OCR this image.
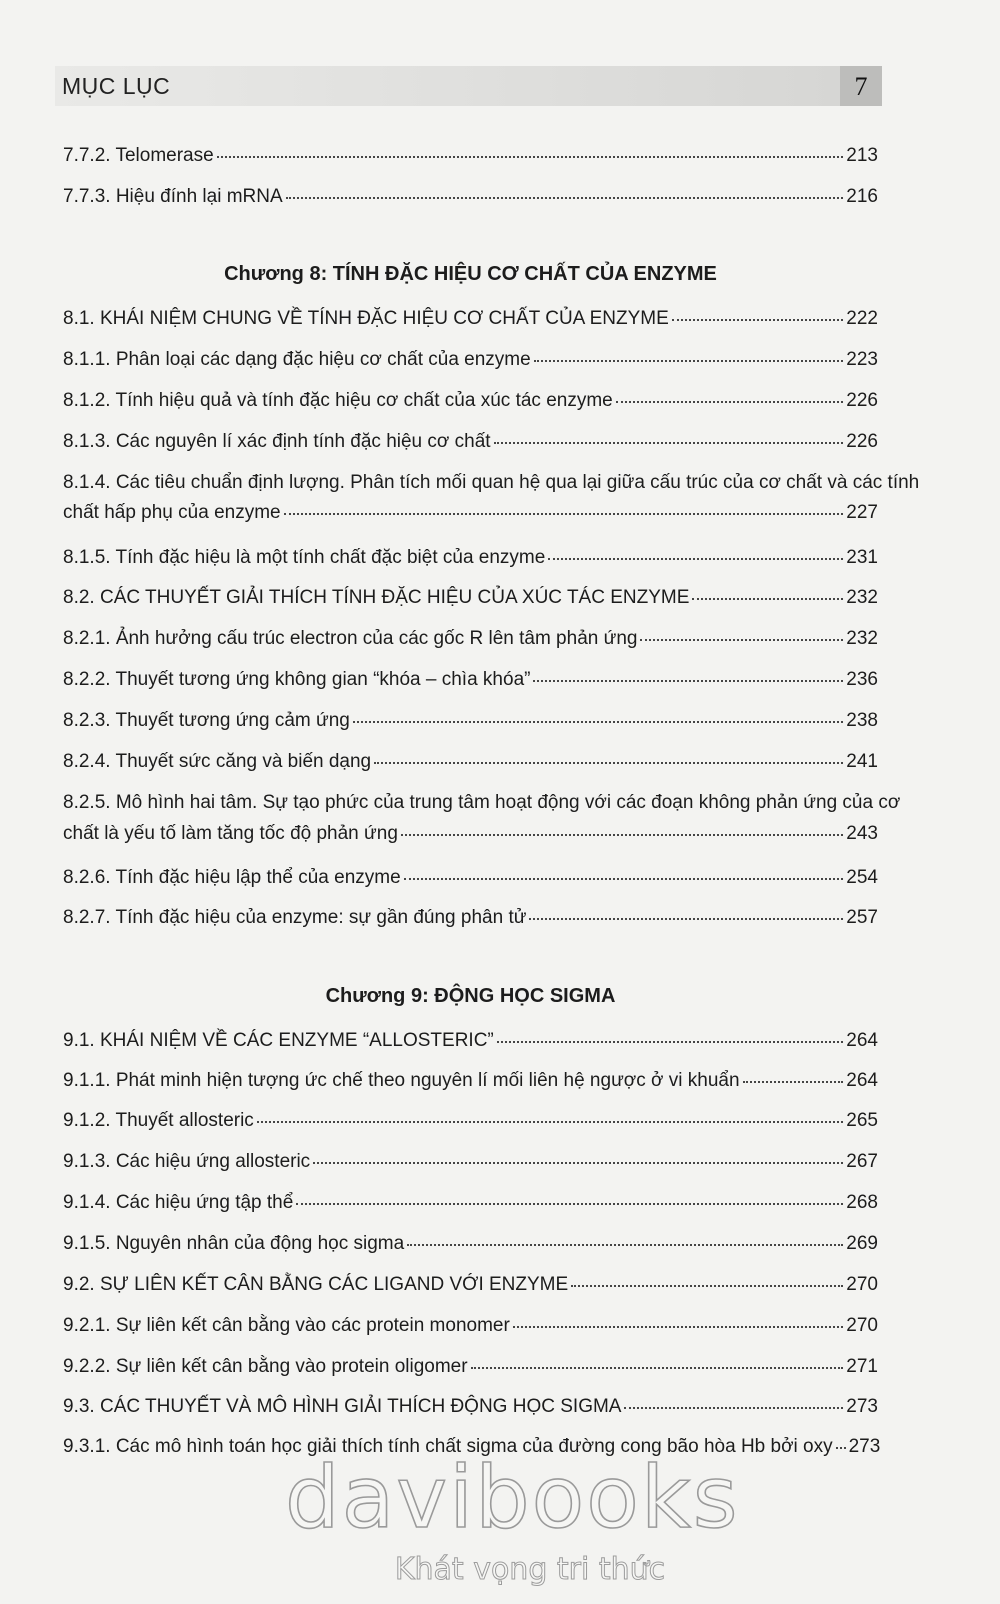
MỤC LỤC	7
7.7.2. Telomerase	213
7.7.3. Hiệu đính lại mRNA	216
Chương 8: TÍNH ĐẶC HIỆU CƠ CHẤT CỦA ENZYME
8.1. KHÁI NIỆM CHUNG VỀ TÍNH ĐẶC HIỆU CƠ CHẤT CỦA ENZYME	222
8.1.1. Phân loại các dạng đặc hiệu cơ chất của enzyme	223
8.1.2. Tính hiệu quả và tính đặc hiệu cơ chất của xúc tác enzyme	226
8.1.3. Các nguyên lí xác định tính đặc hiệu cơ chất	226
8.1.4. Các tiêu chuẩn định lượng. Phân tích mối quan hệ qua lại giữa cấu trúc của cơ chất và các tính
chất hấp phụ của enzyme	227
8.1.5. Tính đặc hiệu là một tính chất đặc biệt của enzyme	231
8.2. CÁC THUYẾT GIẢI THÍCH TÍNH ĐẶC HIỆU CỦA XÚC TÁC ENZYME	232
8.2.1. Ảnh hưởng cấu trúc electron của các gốc R lên tâm phản ứng	232
8.2.2. Thuyết tương ứng không gian “khóa – chìa khóa”	236
8.2.3. Thuyết tương ứng cảm ứng	238
8.2.4. Thuyết sức căng và biến dạng	241
8.2.5. Mô hình hai tâm. Sự tạo phức của trung tâm hoạt động với các đoạn không phản ứng của cơ
chất là yếu tố làm tăng tốc độ phản ứng	243
8.2.6. Tính đặc hiệu lập thể của enzyme	254
8.2.7. Tính đặc hiệu của enzyme: sự gần đúng phân tử	257
Chương 9: ĐỘNG HỌC SIGMA
9.1. KHÁI NIỆM VỀ CÁC ENZYME “ALLOSTERIC”	264
9.1.1. Phát minh hiện tượng ức chế theo nguyên lí mối liên hệ ngược ở vi khuẩn	264
9.1.2. Thuyết allosteric	265
9.1.3. Các hiệu ứng allosteric	267
9.1.4. Các hiệu ứng tập thể	268
9.1.5. Nguyên nhân của động học sigma	269
9.2. SỰ LIÊN KẾT CÂN BẰNG CÁC LIGAND VỚI ENZYME	270
9.2.1. Sự liên kết cân bằng vào các protein monomer	270
9.2.2. Sự liên kết cân bằng vào protein oligomer	271
9.3. CÁC THUYẾT VÀ MÔ HÌNH GIẢI THÍCH ĐỘNG HỌC SIGMA	273
9.3.1. Các mô hình toán học giải thích tính chất sigma của đường cong bão hòa Hb bởi oxy 273
davibooks
Khát vọng tri thức
